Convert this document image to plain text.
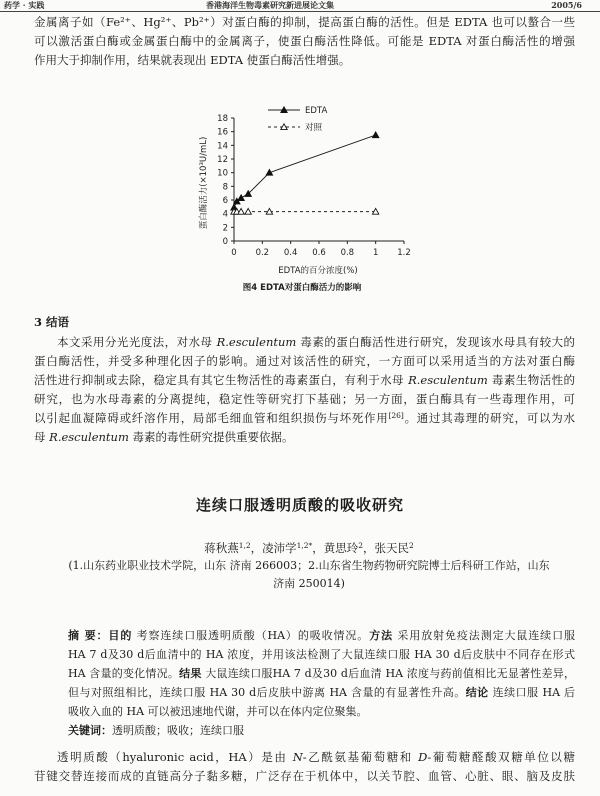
药学 · 实践	香港海洋生物毒素研究新进展论文集	2005/6
金属离子如（Fe²⁺、Hg²⁺、Pb²⁺）对蛋白酶的抑制，提高蛋白酶的活性。但是 EDTA 也可以螯合一些
可以激活蛋白酶或金属蛋白酶中的金属离子，使蛋白酶活性降低。可能是 EDTA 对蛋白酶活性的增强
作用大于抑制作用，结果就表现出 EDTA 使蛋白酶活性增强。
0
2
4
6
8
10
12
14
16
18
0 0.2 0.4 0.6 0.8 1 1.2
EDTA的百分浓度(%)
蛋白酶活力(×10³U/mL)
图4 EDTA对蛋白酶活力的影响
EDTA
对照
3 结语
本文采用分光光度法，对水母 R.esculentum 毒素的蛋白酶活性进行研究，发现该水母具有较大的
蛋白酶活性，并受多种理化因子的影响。通过对该活性的研究，一方面可以采用适当的方法对蛋白酶
活性进行抑制或去除，稳定具有其它生物活性的毒素蛋白，有利于水母 R.esculentum 毒素生物活性的
研究，也为水母毒素的分离提纯，稳定性等研究打下基础；另一方面，蛋白酶具有一些毒理作用，可
以引起血凝障碍或纤溶作用，局部毛细血管和组织损伤与坏死作用[26]。通过其毒理的研究，可以为水
母 R.esculentum 毒素的毒性研究提供重要依据。
连续口服透明质酸的吸收研究
蒋秋燕$^{1,2}$，凌沛学$^{1,2*}$，黄思玲$^2$，张天民$^2$
(1.山东药业职业技术学院，山东 济南 266003；2.山东省生物药物研究院博士后科研工作站，山东
济南 250014)
摘 要：目的 考察连续口服透明质酸（HA）的吸收情况。方法 采用放射免疫法测定大鼠连续口服
HA 7 d及30 d后血清中的 HA 浓度，并用该法检测了大鼠连续口服 HA 30 d后皮肤中不同存在形式
HA 含量的变化情况。结果 大鼠连续口服HA 7 d及30 d后血清 HA 浓度与药前值相比无显著性差异，
但与对照组相比，连续口服 HA 30 d后皮肤中游离 HA 含量的有显著性升高。结论 连续口服 HA 后
吸收入血的 HA 可以被迅速地代谢，并可以在体内定位聚集。
关键词：透明质酸；吸收；连续口服
透明质酸（hyaluronic acid，HA）是由 N-乙酰氨基葡萄糖和 D-葡萄糖醛酸双糖单位以糖
苷键交替连接而成的直链高分子黏多糖，广泛存在于机体中，以关节腔、血管、心脏、眼、脑及皮肤
